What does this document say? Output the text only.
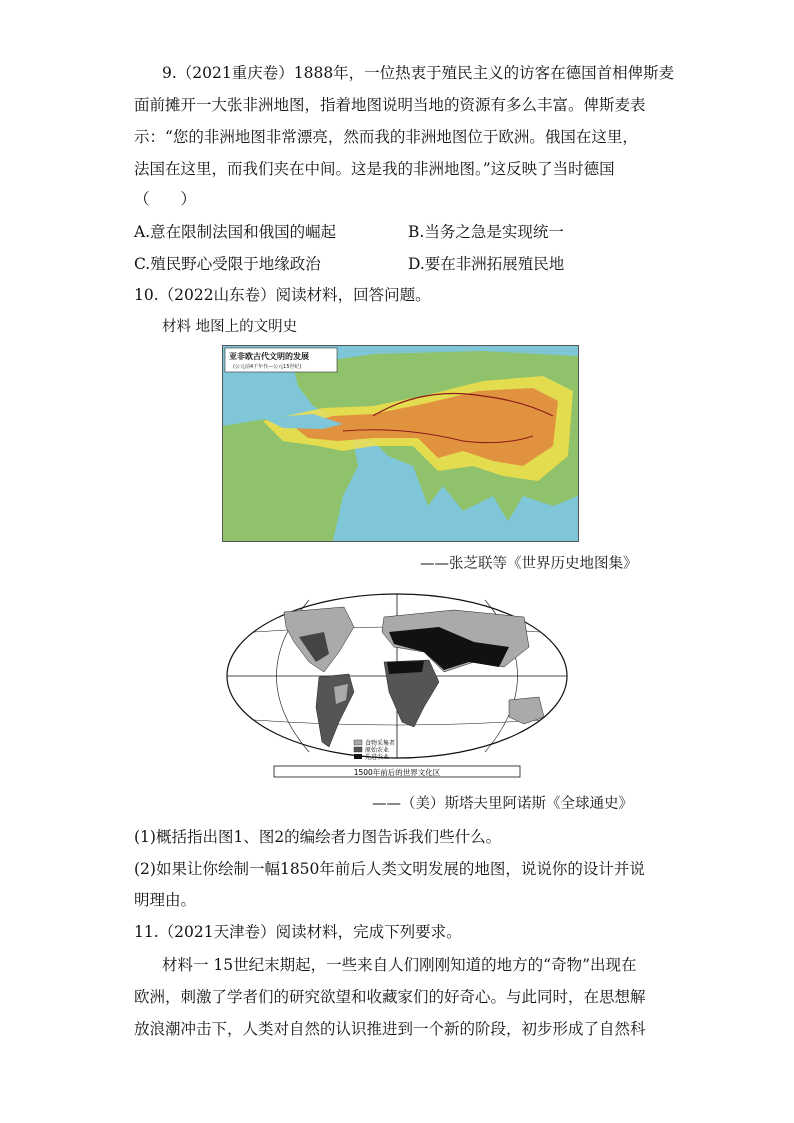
9.（2021重庆卷）1888年，一位热衷于殖民主义的访客在德国首相俾斯麦
面前摊开一大张非洲地图，指着地图说明当地的资源有多么丰富。俾斯麦表
示：“您的非洲地图非常漂亮，然而我的非洲地图位于欧洲。俄国在这里，
法国在这里，而我们夹在中间。这是我的非洲地图。”这反映了当时德国
（　　）
A.意在限制法国和俄国的崛起	B.当务之急是实现统一
C.殖民野心受限于地缘政治	D.要在非洲拓展殖民地
10.（2022山东卷）阅读材料，回答问题。
材料 地图上的文明史
亚非欧古代文明的发展
(公元前4千年代—公元15世纪)
——张芝联等《世界历史地图集》
食物采集者
原始农业
先进农业
1500年前后的世界文化区
——（美）斯塔夫里阿诺斯《全球通史》
(1)概括指出图1、图2的编绘者力图告诉我们些什么。
(2)如果让你绘制一幅1850年前后人类文明发展的地图，说说你的设计并说
明理由。
11.（2021天津卷）阅读材料，完成下列要求。
材料一 15世纪末期起，一些来自人们刚刚知道的地方的“奇物”出现在
欧洲，刺激了学者们的研究欲望和收藏家们的好奇心。与此同时，在思想解
放浪潮冲击下，人类对自然的认识推进到一个新的阶段，初步形成了自然科
